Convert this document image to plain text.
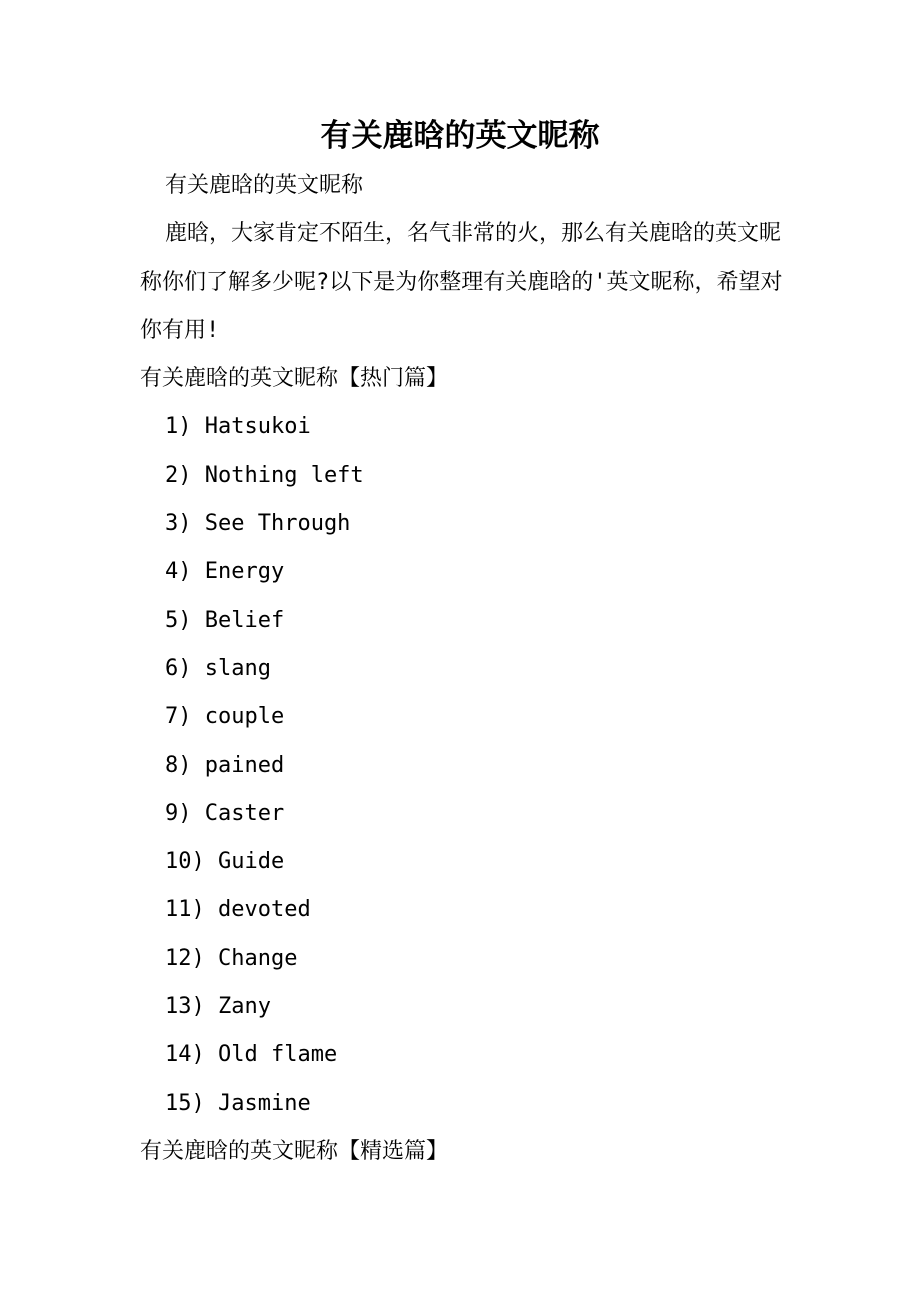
有关鹿晗的英文昵称
有关鹿晗的英文昵称

鹿晗，大家肯定不陌生，名气非常的火，那么有关鹿晗的英文昵称你们了解多少呢?以下是为你整理有关鹿晗的'英文昵称，希望对你有用!

有关鹿晗的英文昵称【热门篇】
1) Hatsukoi
2) Nothing left
3) See Through
4) Energy
5) Belief
6) slang
7) couple
8) pained
9) Caster
10) Guide
11) devoted
12) Change
13) Zany
14) Old flame
15) Jasmine
有关鹿晗的英文昵称【精选篇】
